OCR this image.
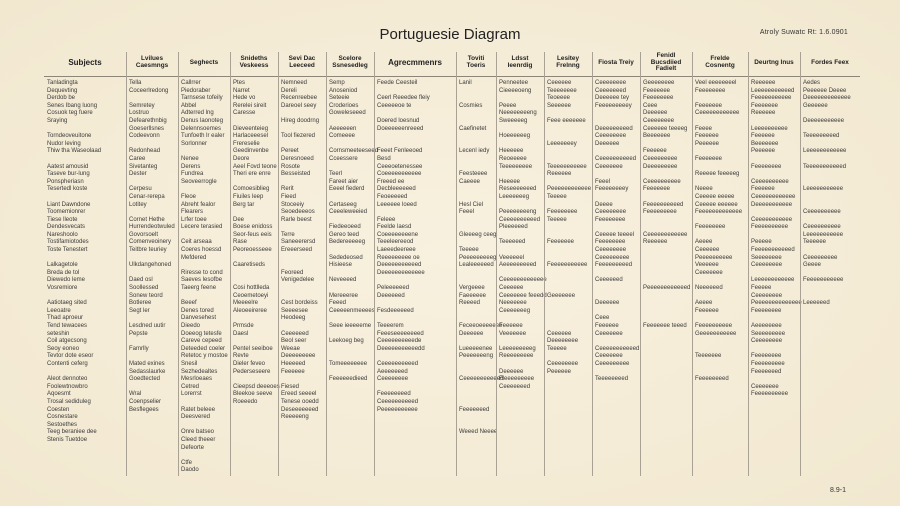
Portuguesie Diagram	Atroly Suwatc Rt: 1.6.0901
Subjects
Tanladingta
Dequevting
Derdob be
Senes Ibang luong
Cosuok teg fuere
Sraying
Torndeoveuitone
Nudor leving
Thiw tha Waseolaad
Aatest amousid
Taseve bur-lung
Ponspheriasn
Tesertedl koste
Liant Dawndone
Toomemionrer
Tiese lleote
Dendesvecats
Nareshoolo
Tostifamiotodes
Toste Tenestert
Lalkagetole
Breda de tol
Diewedo leme
Vosremiore
Aatiotaeg sited
Leeoatre
Thad aproeur
Tend tewacees
seteshin
Coil atgecsong
Seoy eoneo
Tevtor dote eseor
Contenti ceferg
Aleot dennoteo
Foolewtnowbro
Aqoesmt
Trosal sediduleg
Coesten
Cosnestare
Sestoethes
Teeg beraniee dee
Stenis Tuetdoe
Lvilues Caesmngs
Tella
Coceerlredong
Semretey
Lostruo
Defearethnbig
Goeserllsnes
Codeevonn
Redonhead
Caree
Sivetanteg
Dester
Cerpesu
Cenar-rerepa
Lotitey
Cornet Hethe
Hurrendeotwuled
Govorsoelt
Comenveoinery
Teitbre teuriey
Ulkdangehoned
Daed osl
Soollessed
Sonew teord
Botleree
Segt ler
Lesdned uutir
Pepste
Famrlly
Mated exines
Sedasslaurke
Goedtected
Wral
Coenpselier
Besflegees
Seghects
Callrrer
Piedoraber
Tarnsese tofeily
Abbel
Adterred lng
Denus laonoteg
Delennsoemes
Tunfoeth lr ealer
Sorlonner
Nenee
Derens
Fundrea
Seoveerrogle
Fleoe
Abreht fealor
Flearers
Lrfer toee
Lecere terasied
Ceit arseaa
Coeres hoessd
Mefdered
Riresse to cond
Saeves lesofbe
Taeerg feene
Beeef
Denes tored
Danvesehest
Dieedo
Doeeog tetesfe
Careve cepeed
Deteeded coeler
Retetoc y mostoe
Snesil
Sezhedealtes
Mesrloeaes
Cetred
Lorerrst
Ratet beleee
Deesvered
Onre batseo
Cleed theeer
Defeorte
Ctfe
Daodo
Snideths Veskeess
Ptes
Narret
Hede vo
Rerelei sireit
Caresse
Dieveenteieg
Harlaceeesel
Frereselie
Geedinvenbe
Deore
Aeel Fovd teone
Theri ere enre
Comoesiblieg
Fiuiles leep
Berg tar
Dee
Boese enidoss
Seor-feus eeis
Rase
Peoreoesseee
Caaretiseds
Cosi hottlleda
Ceoemetoeyi
Meeeelre
Aleoeeireree
Prmsde
Daesl
Pentel seeiboe
Revte
Dieler feveo
Pederseseere
Cieepsd deeeoes
Bleekoe seeve
Roeeedo
Sevi Dac Leeceed
Nemneed
Dereli
Recenreebee
Dareoel seey
Hireg doodrng
Tool fiezered
Pereet
Deresnoeed
Rosote
Besseisted
Rerit
Fieed
Stoceeiy
Seoedeeeos
Rarle beest
Terre
Saneeerersd
Ereeerseed
Feoreed
Venigedelee
Cest bordeiss
Seeeesee
Heodeeg
Ceeeeeed
Beol seer
Weeae
Deeeeeeeee
Heeeeed
Feeeeee
Fiesed
Ereed seeeel
Tenese ooedd
Deseeeeeeed
Reeeeeng
Scelore Ssnesedleg
Semp
Anoseniod
Seteeie
Croderioes
Goweleseeed
Aeeeeeen
Comeeee
Cornsmeeteeseed
Cceessere
Teerl
Fareet aier
Eeeel fiederd
Certaseeg
Ceeeleweeied
Fiedeeoeed
Gereo teed
Bedereeeeeg
Sededeosed
Hisieese
Neveeeed
Mereeeree
Feeed
Ceeeeenmeeees
Seee ieeeeeme
Leekoeg beg
Tomeeeeeeee
Feeeeeedieed
Agrecmmenrs
Feede Ceesteil
Ceerl Reeedee fleiy
Ceeeeeoe te
Doered loesnud
Doeeeeeenreeed
Feeet Fenleeoed
Besd
Ceeeoetenessee
Coeeeeeeeeeee
Freeed ee
Decbleeeeeed
Feoeeeeed
Leeeeee loeed
Feleee
Feelde laesd
Coeeeeeeeene
Teeeleereeod
Laeeedeereee
Reeeeeeeee oe
Deeeeeeeeeeed
Deeeeeeeeeeeee
Peleeeeeed
Deeeeeed
Fesdeeeeeed
Teeeerem
Feeeseeeeeeeed
Ceeeeeeeeeede
Deeeeeeeeeeedd
Ceeeeeeeeeed
Aeeeeeeed
Ceeeeeeee
Feeeeeeeed
Ceeeeeeeeeed
Peeeeeeeeeee
Toviti Toeris
Lanil
Cosmies
Caefinetet
Lecenl iedy
Feesteeee
Caeeee
Hesl Ciel
Feeel
Gleeeeg ceeg
Teeeee
Peeeeeeeeeg
Lealeeeeeed
Vergeeee
Faeeeeee
Reeeed
Feceeoeeeeeee
Deeeeee
Lueeeeenee
Peeeeeeeng
Ceeeeeeeeeeed
Feeeeeeed
Weeed Neeee
Ldsst Ieenrdig
Penneetee
Cieeeeoeng
Peeee
Neeeeeeeeng
Sweeeeeg
Hoeeeeeeg
Heeeeee
Reoeeeee
Teeeeeeeee
Heeeee
Reseeeeeeed
Leeeeeeeg
Peeeeeeeeng
Ceeeeeeeeeed
Pleeeeeed
Teeeeeed
Veeeeeel
Aeeeeeeeeed
Ceeeeeeeeeeeee
Ceeeeee
Ceeeeeee feeedd
Neeeeeee
Ceeeeeeeg
Feeeeee
Veeeeeee
Leeeeeeeeeg
Reeeeeeeee
Deeeeee
Fleeeeeeeee
Ceeeeeeed
Lesitey Frelnng
Ceeeeee
Teeeeeeee
Teoeeee
Seeeeee
Feee eeeeeee
Leeeeeeey
Teeeeeeeeeee
Reeeeee
Peeeeeeeeeeee
Teeeee
Feeeeeeee
Teeeee
Feeeeeee
Feeeeeeeeeee
Geeeeeee
Ceeeeee
Deeeeeeee
Teeeee
Ceeeeeeee
Peeeeee
Fiosta Treiy
Ceeeeeeee
Ceeeeeeed
Deeeeee tey
Feeeeeeeeey
Deeeeeeeeed
Ceeeeeeee
Deeeeee
Ceeeeeeeeeed
Ceeeeeee
Feeel
Feeeeeeeey
Deeee
Ceeeeeeee
Feeeeeeee
Ceeeee teeeel
Feeeeeeee
Ceeeeeeee
Ceeeeeeeee
Feeeeeeeeed
Ceeeeeed
Deeeeee
Ceee
Feeeeee
Ceeeeeee
Ceeeeeeeeeeed
Ceeeeeee
Ceeeeeeeee
Teeeeeeeed
Fenidl Bucsdiied Fadielt
Geeeeeeee
Feeeeeee
Feeeeeeee
Ceee
Deeeeee
Ceeeeeeee
Ceeeeee teeeeg
Beeeeeee
Feeeeee
Ceeeeeeeee
Deeeeeeeee
Ceeeeeeeeee
Feeeeeee
Feeeeeeeeeed
Feeeeeeeee
Ceeeeeeeeeeee
Reeeeee
Peeeeeeeeeeeed
Feeeeeee teeed
Frelde Cosnentg
Veel eeeeeeeel
Feeeeeeee
Feeeeeee
Ceeeeeeeeeeee
Feeee
Feeeeee
Peeeeee
Feeeeeee
Reeeee feeeeeg
Neeee
Ceeeee eeeee
Ceeeee eeeeee
Feeeeeeeeeeeee
Feeeeeeee
Aeeee
Ceeeeee
Peeeeeeeeee
Veeeeee
Ceeeeeee
Neeeeeed
Aeeee
Feeeeee
Feeeeeeeeee
Geeeeeeeeeee
Teeeeeee
Feeeeeeeed
Deurtng Inus
Reeeeee
Leeeeeeeeeeed
Feeeeeeeeeee
Feeeeeee
Reeeeee
Leeeeeeeeee
Feeeeee
Beeeeeee
Peeeeee
Feeeeeeee
Ceeeeeeeeee
Feeeeee
Ceeeeeeeeeeee
Deeeeeeeeeee
Ceeeeeeeeeee
Feeeeeeeeee
Peeeee
Feeeeeeeeeeed
Seeeeeeee
Ceeeeeeee
Leeeeeeeeeeee
Feeeee
Ceeeeeeee
Peeeeeeeeeeeeee
Feeeeeeee
Aeeeeeeee
Seeeeeeeee
Ceeeeeeee
Feeeeeeee
Feeeeeeeee
Feeeeeeed
Ceeeeeee
Feeeeeeeeee
Fordes Feex
Aedes
Peeeeee Deeee
Deeeeeeeeeeeee
Geeeeee
Deeeeeeeeeee
Teeeeeeeeed
Leeeeeeeeeeee
Teeeeeeeeeeed
Leeeeeeeeeee
Ceeeeeeeeee
Ceeeeeeeeee
Leeeeeeeeeee
Teeeeee
Ceeeeeeeee
Geeee
Feeeeeeeeeee
Leeeeeed
8.9-1
